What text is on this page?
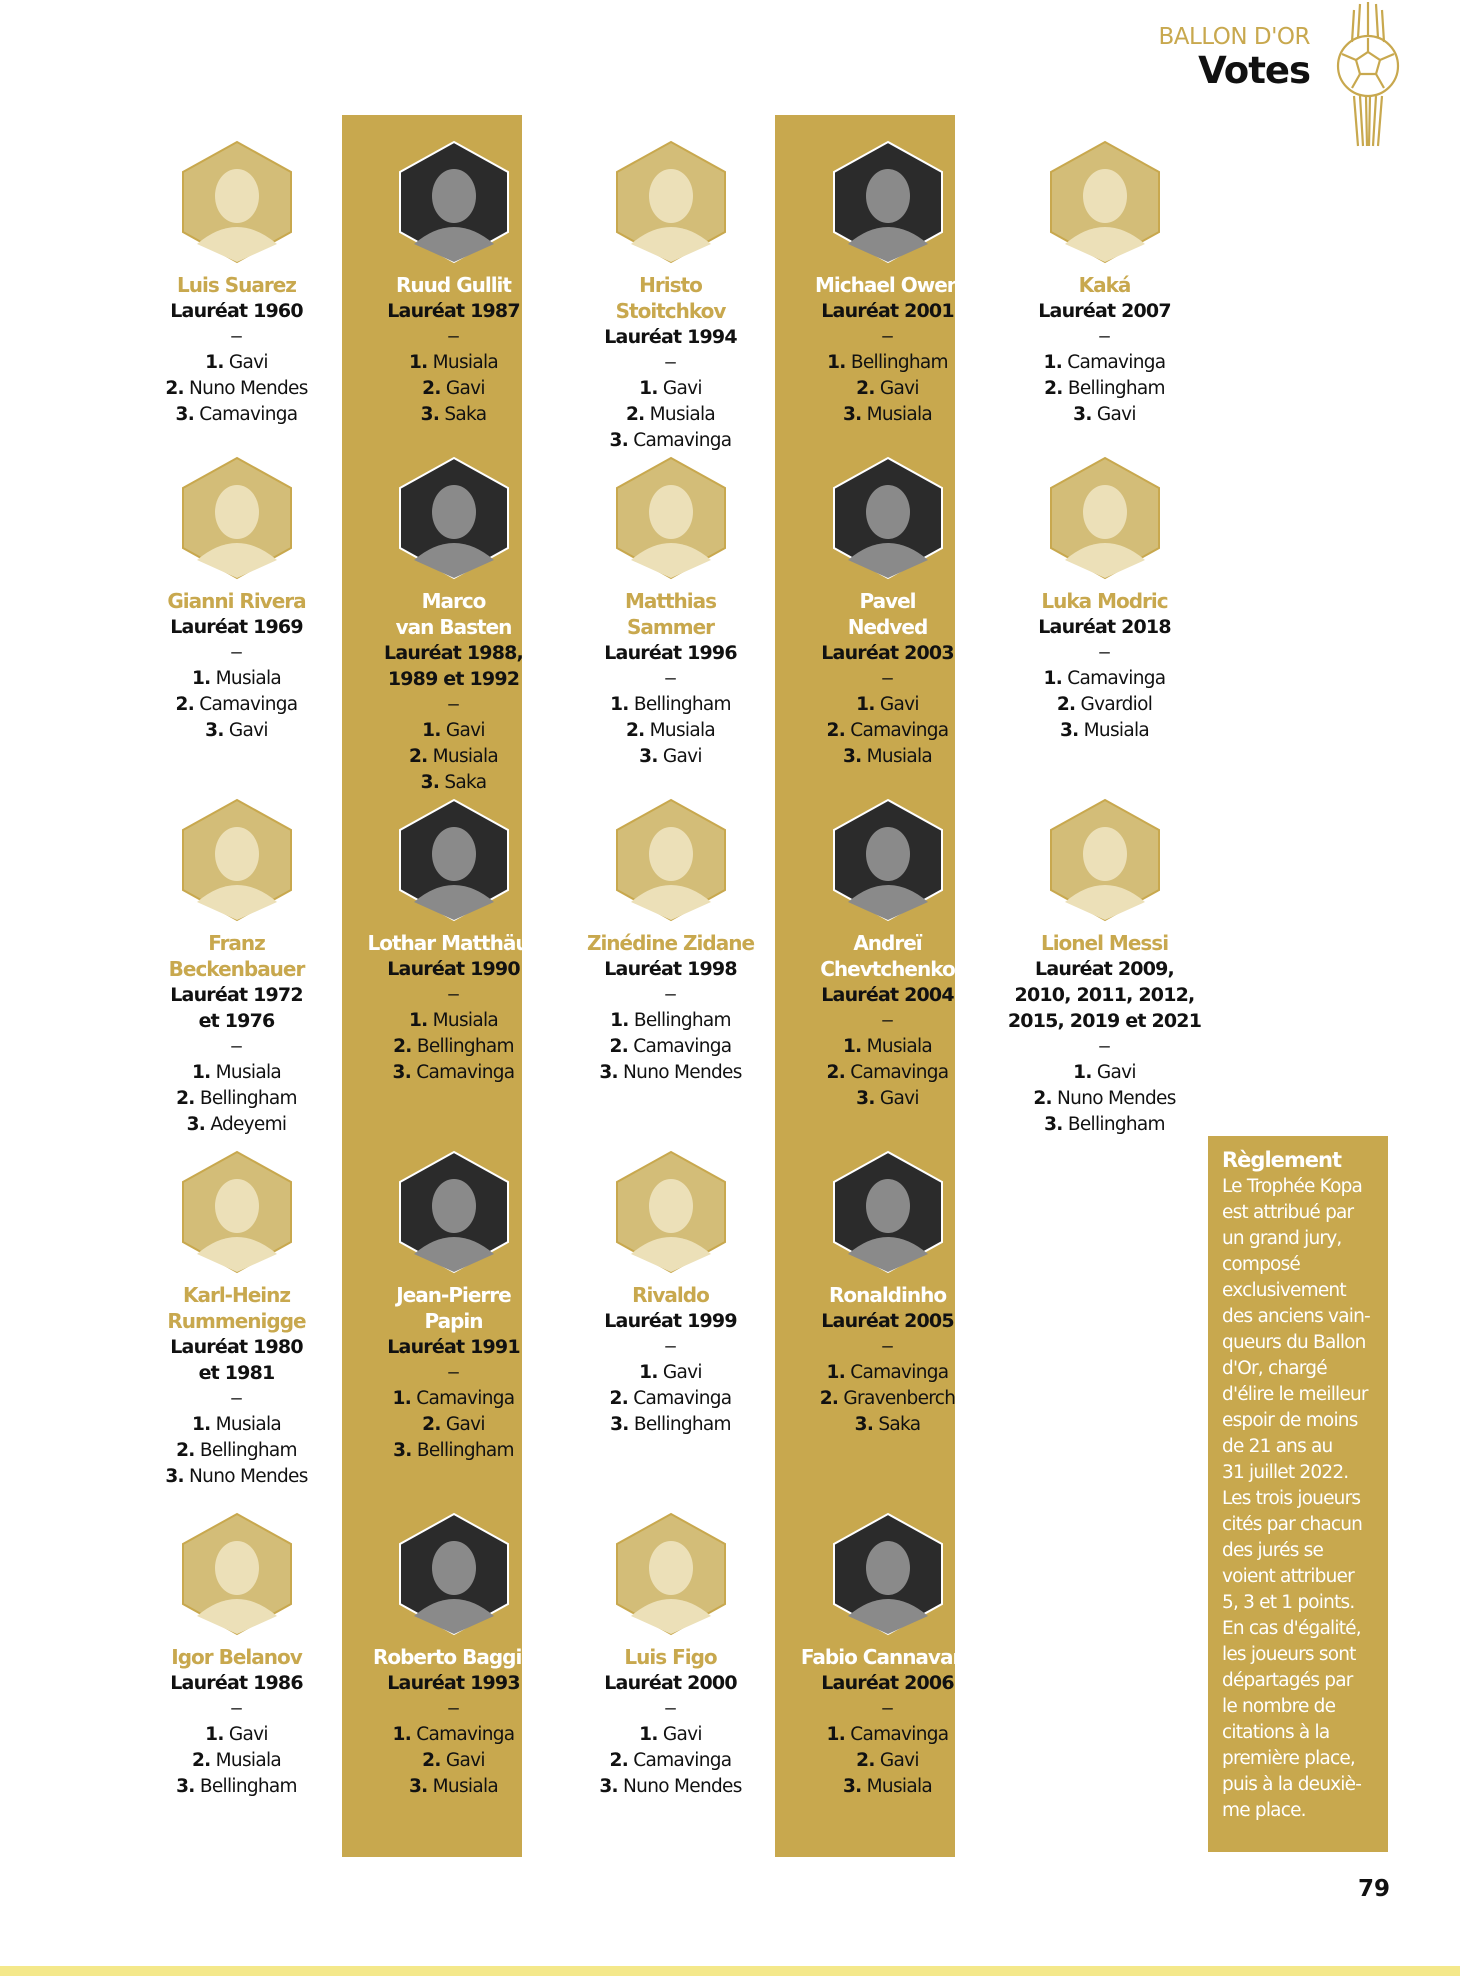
BALLON D'OR
Votes
Luis Suarez
Lauréat 1960
–
1. Gavi
2. Nuno Mendes
3. Camavinga
Gianni Rivera
Lauréat 1969
–
1. Musiala
2. Camavinga
3. Gavi
Franz
Beckenbauer
Lauréat 1972
et 1976
–
1. Musiala
2. Bellingham
3. Adeyemi
Karl-Heinz
Rummenigge
Lauréat 1980
et 1981
–
1. Musiala
2. Bellingham
3. Nuno Mendes
Igor Belanov
Lauréat 1986
–
1. Gavi
2. Musiala
3. Bellingham
Ruud Gullit
Lauréat 1987
–
1. Musiala
2. Gavi
3. Saka
Marco
van Basten
Lauréat 1988,
1989 et 1992
–
1. Gavi
2. Musiala
3. Saka
Lothar Matthäus
Lauréat 1990
–
1. Musiala
2. Bellingham
3. Camavinga
Jean-Pierre
Papin
Lauréat 1991
–
1. Camavinga
2. Gavi
3. Bellingham
Roberto Baggio
Lauréat 1993
–
1. Camavinga
2. Gavi
3. Musiala
Hristo
Stoitchkov
Lauréat 1994
–
1. Gavi
2. Musiala
3. Camavinga
Matthias
Sammer
Lauréat 1996
–
1. Bellingham
2. Musiala
3. Gavi
Zinédine Zidane
Lauréat 1998
–
1. Bellingham
2. Camavinga
3. Nuno Mendes
Rivaldo
Lauréat 1999
–
1. Gavi
2. Camavinga
3. Bellingham
Luis Figo
Lauréat 2000
–
1. Gavi
2. Camavinga
3. Nuno Mendes
Michael Owen
Lauréat 2001
–
1. Bellingham
2. Gavi
3. Musiala
Pavel
Nedved
Lauréat 2003
–
1. Gavi
2. Camavinga
3. Musiala
Andreï
Chevtchenko
Lauréat 2004
–
1. Musiala
2. Camavinga
3. Gavi
Ronaldinho
Lauréat 2005
–
1. Camavinga
2. Gravenberch
3. Saka
Fabio Cannavaro
Lauréat 2006
–
1. Camavinga
2. Gavi
3. Musiala
Kaká
Lauréat 2007
–
1. Camavinga
2. Bellingham
3. Gavi
Luka Modric
Lauréat 2018
–
1. Camavinga
2. Gvardiol
3. Musiala
Lionel Messi
Lauréat 2009,
2010, 2011, 2012,
2015, 2019 et 2021
–
1. Gavi
2. Nuno Mendes
3. Bellingham
Règlement
Le Trophée Kopa
est attribué par
un grand jury,
composé
exclusivement
des anciens vain-
queurs du Ballon
d'Or, chargé
d'élire le meilleur
espoir de moins
de 21 ans au
31 juillet 2022.
Les trois joueurs
cités par chacun
des jurés se
voient attribuer
5, 3 et 1 points.
En cas d'égalité,
les joueurs sont
départagés par
le nombre de
citations à la
première place,
puis à la deuxiè-
me place.
79
